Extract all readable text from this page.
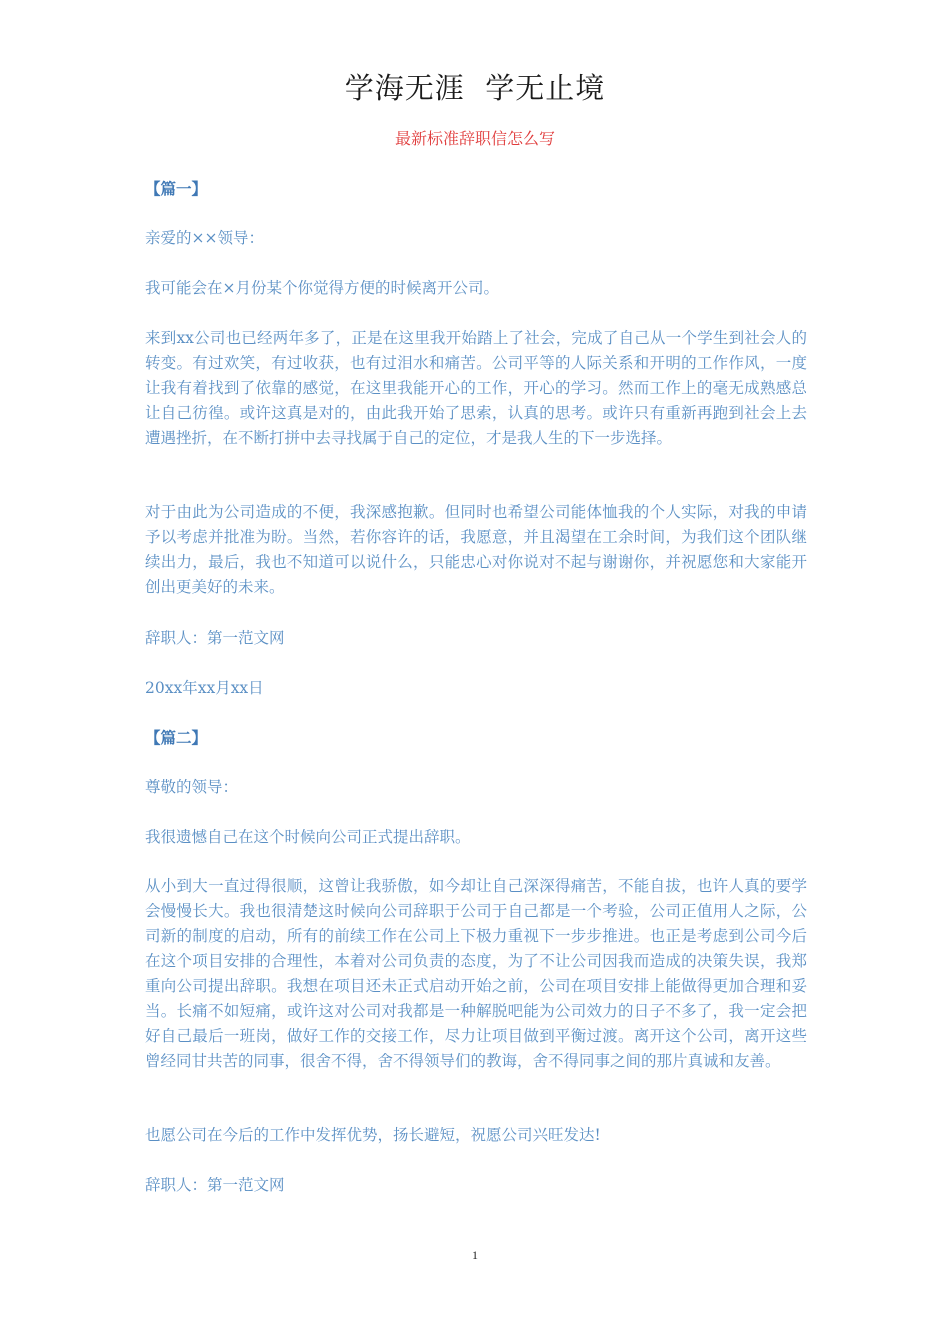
学海无涯  学无止境
最新标准辞职信怎么写

【篇一】

亲爱的××领导：

我可能会在×月份某个你觉得方便的时候离开公司。

来到xx公司也已经两年多了，正是在这里我开始踏上了社会，完成了自己从一个学生到社会人的转变。有过欢笑，有过收获，也有过泪水和痛苦。公司平等的人际关系和开明的工作作风，一度让我有着找到了依靠的感觉，在这里我能开心的工作，开心的学习。然而工作上的毫无成熟感总让自己彷徨。或许这真是对的，由此我开始了思索，认真的思考。或许只有重新再跑到社会上去遭遇挫折，在不断打拼中去寻找属于自己的定位，才是我人生的下一步选择。

对于由此为公司造成的不便，我深感抱歉。但同时也希望公司能体恤我的个人实际，对我的申请予以考虑并批准为盼。当然，若你容许的话，我愿意，并且渴望在工余时间，为我们这个团队继续出力，最后，我也不知道可以说什么，只能忠心对你说对不起与谢谢你，并祝愿您和大家能开创出更美好的未来。

辞职人：第一范文网

20xx年xx月xx日

【篇二】

尊敬的领导：

我很遗憾自己在这个时候向公司正式提出辞职。

从小到大一直过得很顺，这曾让我骄傲，如今却让自己深深得痛苦，不能自拔，也许人真的要学会慢慢长大。我也很清楚这时候向公司辞职于公司于自己都是一个考验，公司正值用人之际，公司新的制度的启动，所有的前续工作在公司上下极力重视下一步步推进。也正是考虑到公司今后在这个项目安排的合理性，本着对公司负责的态度，为了不让公司因我而造成的决策失误，我郑重向公司提出辞职。我想在项目还未正式启动开始之前，公司在项目安排上能做得更加合理和妥当。长痛不如短痛，或许这对公司对我都是一种解脱吧能为公司效力的日子不多了，我一定会把好自己最后一班岗，做好工作的交接工作，尽力让项目做到平衡过渡。离开这个公司，离开这些曾经同甘共苦的同事，很舍不得，舍不得领导们的教诲，舍不得同事之间的那片真诚和友善。

也愿公司在今后的工作中发挥优势，扬长避短，祝愿公司兴旺发达!

辞职人：第一范文网

1
